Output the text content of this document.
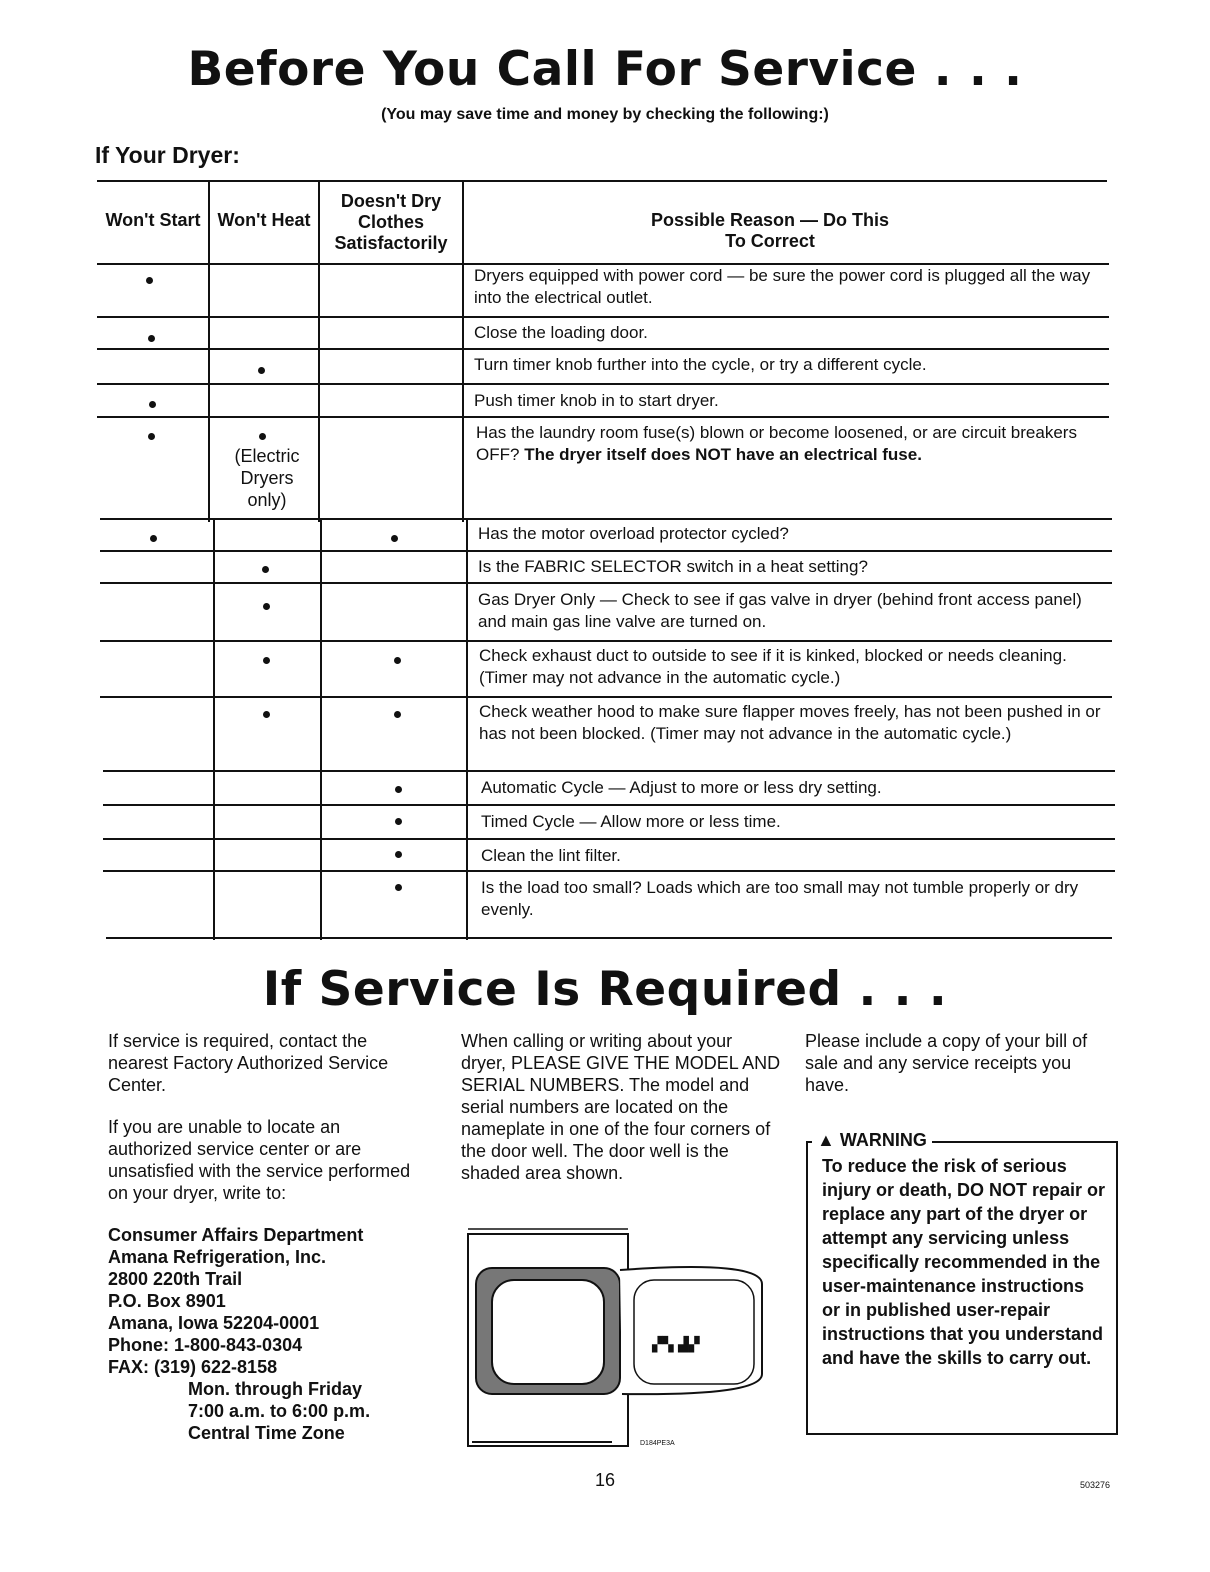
Before You Call For Service . . .
(You may save time and money by checking the following:)
If Your Dryer:
Won't Start Won't Heat
Doesn't Dry Clothes Satisfactorily
Possible Reason — Do This To Correct
Dryers equipped with power cord — be sure the power cord is plugged all the way into the electrical outlet.
Close the loading door.
Turn timer knob further into the cycle, or try a different cycle.
Push timer knob in to start dryer.
(Electric Dryers only)
Has the laundry room fuse(s) blown or become loosened, or are circuit breakers OFF? The dryer itself does NOT have an electrical fuse.
Has the motor overload protector cycled?
Is the FABRIC SELECTOR switch in a heat setting?
Gas Dryer Only — Check to see if gas valve in dryer (behind front access panel) and main gas line valve are turned on.
Check exhaust duct to outside to see if it is kinked, blocked or needs cleaning. (Timer may not advance in the automatic cycle.)
Check weather hood to make sure flapper moves freely, has not been pushed in or has not been blocked. (Timer may not advance in the automatic cycle.)
Automatic Cycle — Adjust to more or less dry setting.
Timed Cycle — Allow more or less time.
Clean the lint filter.
Is the load too small? Loads which are too small may not tumble properly or dry evenly.
If Service Is Required . . .

If service is required, contact the nearest Factory Authorized Service Center.

If you are unable to locate an authorized service center or are unsatisfied with the service performed on your dryer, write to:

Consumer Affairs Department
Amana Refrigeration, Inc.
2800 220th Trail
P.O. Box 8901
Amana, Iowa 52204-0001
Phone: 1-800-843-0304
FAX: (319) 622-8158
Mon. through Friday
7:00 a.m. to 6:00 p.m.
Central Time Zone

When calling or writing about your dryer, PLEASE GIVE THE MODEL AND SERIAL NUMBERS. The model and serial numbers are located on the nameplate in one of the four corners of the door well. The door well is the shaded area shown.

▞▚ ▟▞
D184PE3A

Please include a copy of your bill of sale and any service receipts you have.

▲ WARNING
To reduce the risk of serious injury or death, DO NOT repair or replace any part of the dryer or attempt any servicing unless specifically recommended in the user-maintenance instructions or in published user-repair instructions that you understand and have the skills to carry out.
16	503276
